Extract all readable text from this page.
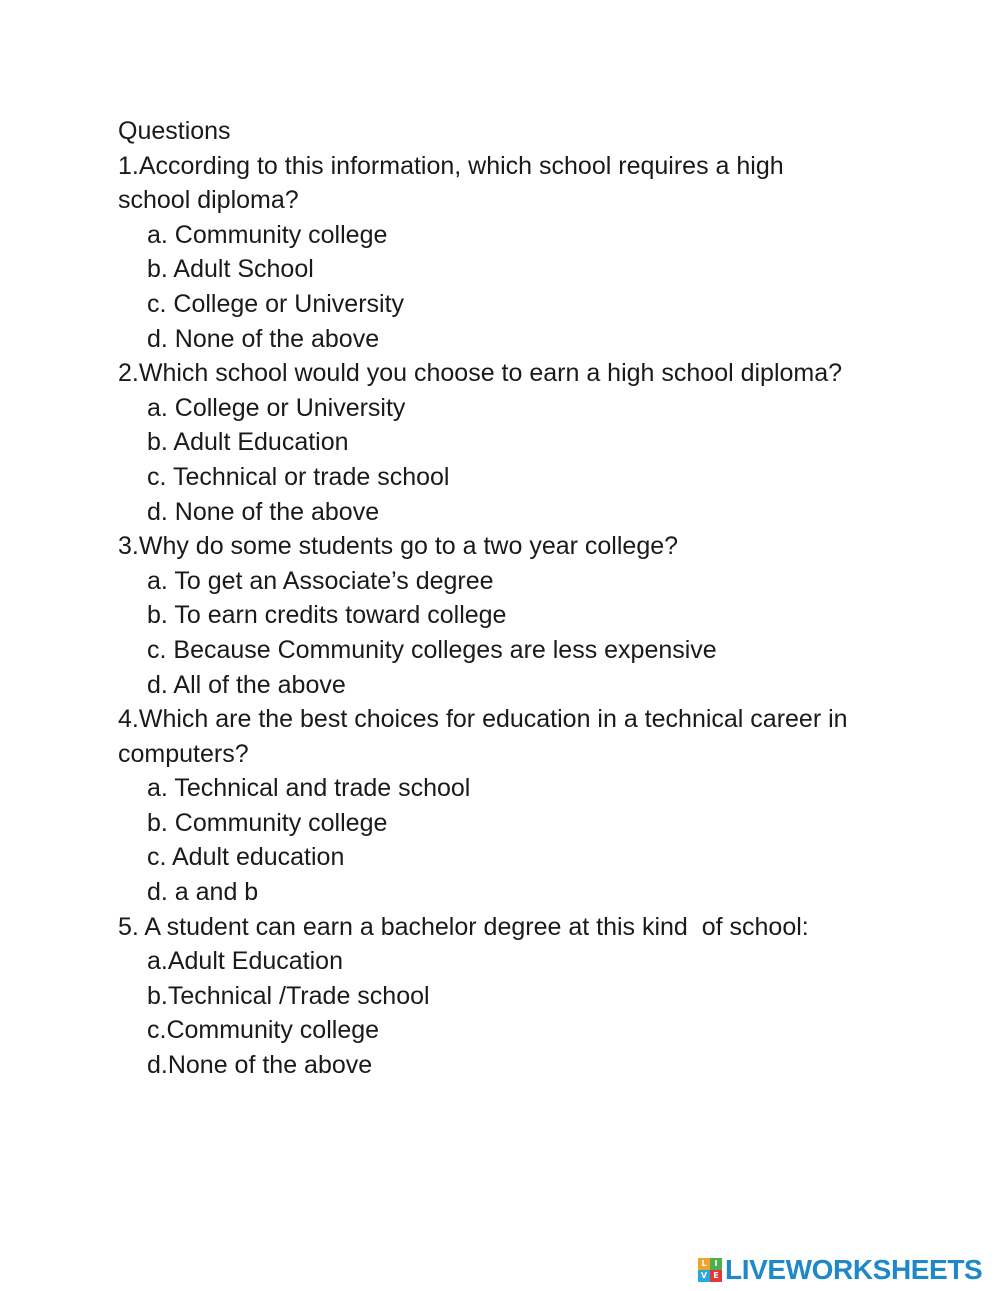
Questions
1.According to this information, which school requires a high
school diploma?
a. Community college
b. Adult School
c. College or University
d. None of the above
2.Which school would you choose to earn a high school diploma?
a. College or University
b. Adult Education
c. Technical or trade school
d. None of the above
3.Why do some students go to a two year college?
a. To get an Associate’s degree
b. To earn credits toward college
c. Because Community colleges are less expensive
d. All of the above
4.Which are the best choices for education in a technical career in
computers?
a. Technical and trade school
b. Community college
c. Adult education
d. a and b
5. A student can earn a bachelor degree at this kind  of school:
a.Adult Education
b.Technical /Trade school
c.Community college
d.None of the above
L I
V E LIVEWORKSHEETS
